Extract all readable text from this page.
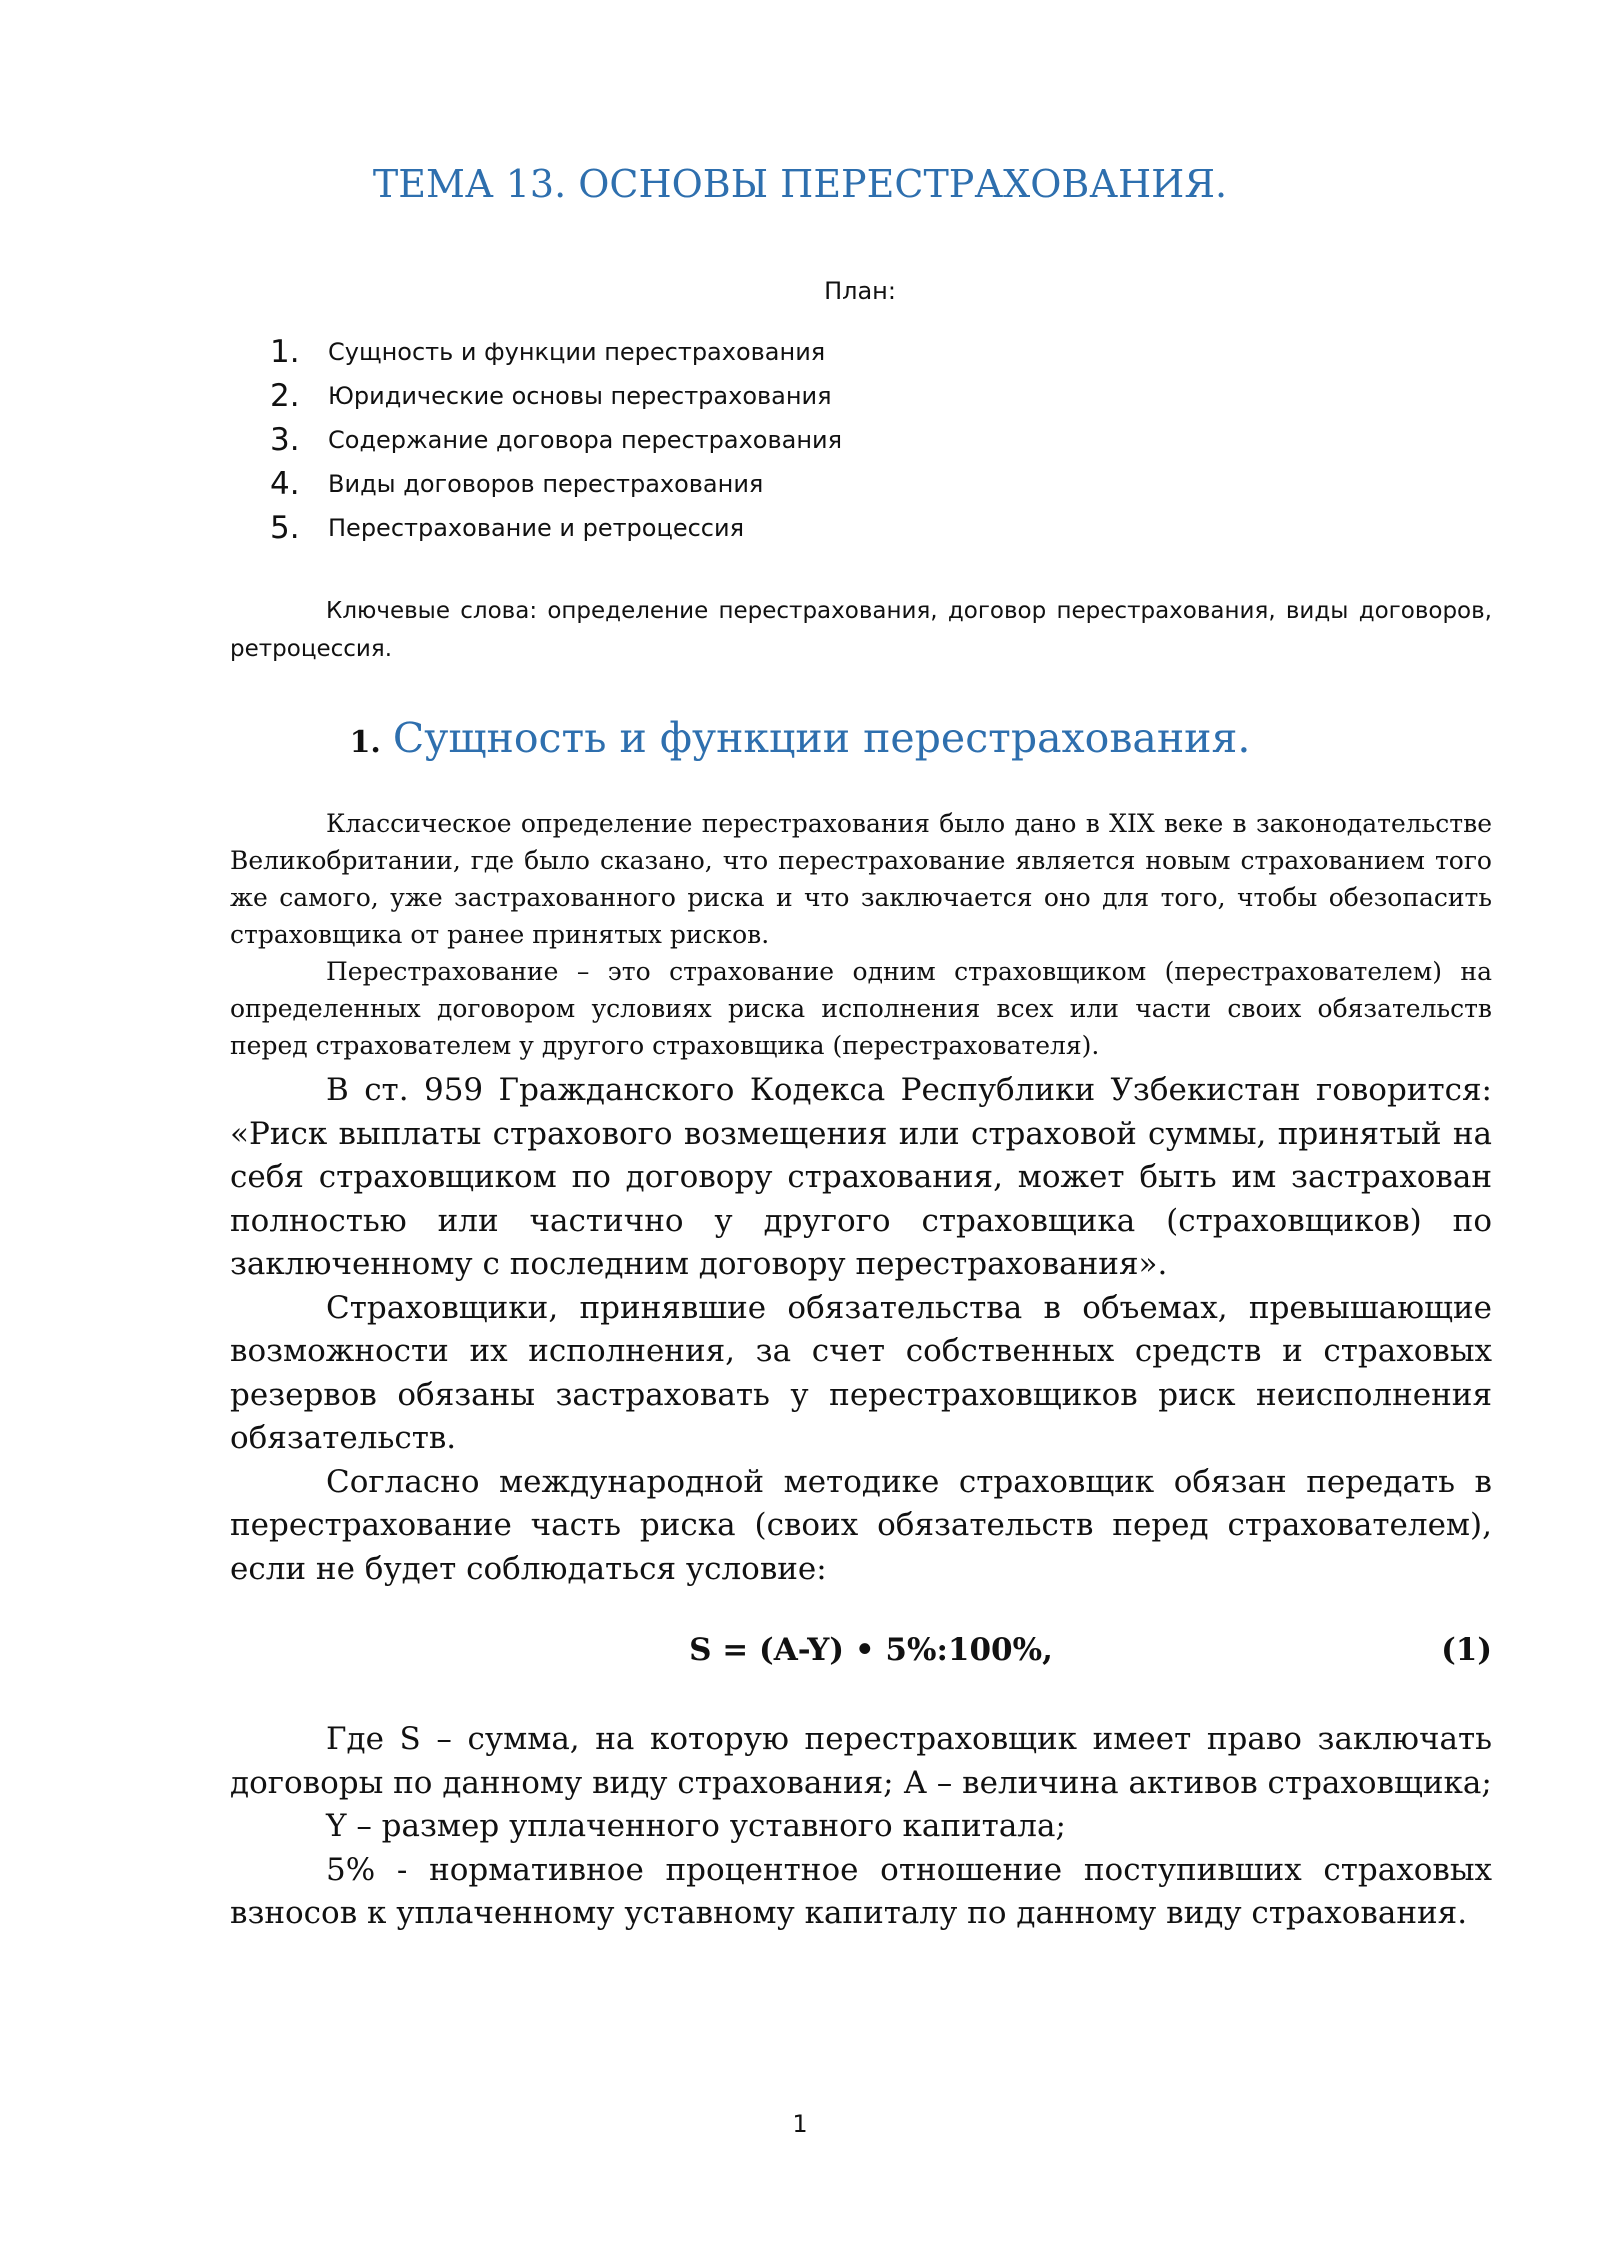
ТЕМА 13. ОСНОВЫ ПЕРЕСТРАХОВАНИЯ.
План:
1.	Сущность и функции перестрахования
2.	Юридические основы перестрахования
3.	Содержание договора перестрахования
4.	Виды договоров перестрахования
5.	Перестрахование и ретроцессия

Ключевые слова: определение перестрахования, договор перестрахования, виды договоров, ретроцессия.

1. Сущность и функции перестрахования.

Классическое определение перестрахования было дано в XIX веке в законодательстве Великобритании, где было сказано, что перестрахование является новым страхованием того же самого, уже застрахованного риска и что заключается оно для того, чтобы обезопасить страховщика от ранее принятых рисков.

Перестрахование – это страхование одним страховщиком (перестрахователем) на определенных договором условиях риска исполнения всех или части своих обязательств перед страхователем у другого страховщика (перестрахователя).

В ст. 959 Гражданского Кодекса Республики Узбекистан говорится: «Риск выплаты страхового возмещения или страховой суммы, принятый на себя страховщиком по договору страхования, может быть им застрахован полностью или частично у другого страховщика (страховщиков) по заключенному с последним договору перестрахования».

Страховщики, принявшие обязательства в объемах, превышающие возможности их исполнения, за счет собственных средств и страховых резервов обязаны застраховать у перестраховщиков риск неисполнения обязательств.

Согласно международной методике страховщик обязан передать в перестрахование часть риска (своих обязательств перед страхователем), если не будет соблюдаться условие:

S = (A-Y) • 5%:100%,	(1)

Где S – сумма, на которую перестраховщик имеет право заключать договоры по данному виду страхования; А – величина активов страховщика;

Y – размер уплаченного уставного капитала;

5% - нормативное процентное отношение поступивших страховых взносов к уплаченному уставному капиталу по данному виду страхования.

1
